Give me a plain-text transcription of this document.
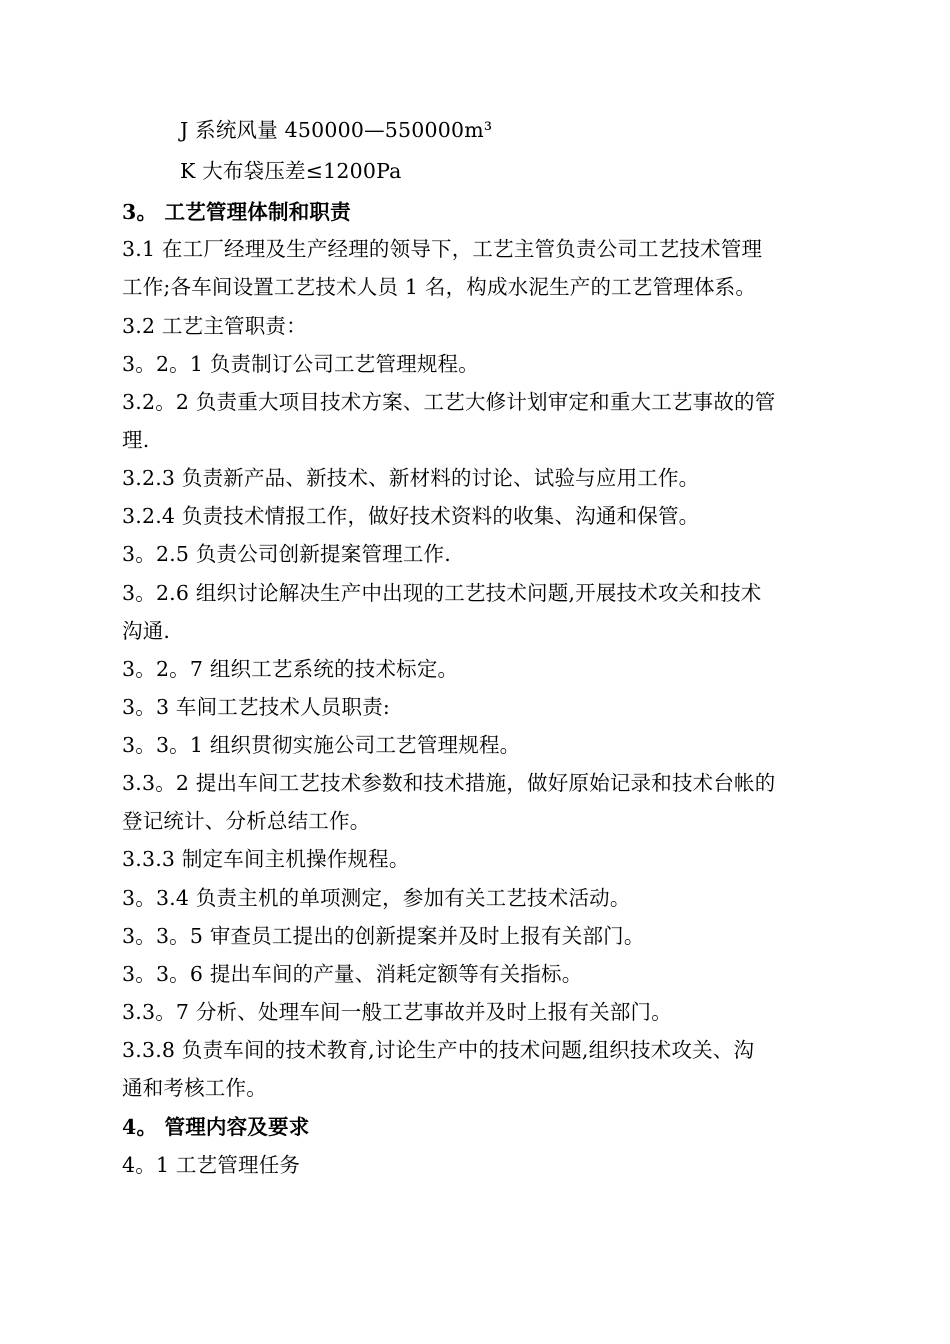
J 系统风量 450000—550000m³
K 大布袋压差≤1200Pa
3。 工艺管理体制和职责
3.1 在工厂经理及生产经理的领导下，工艺主管负责公司工艺技术管理
工作;各车间设置工艺技术人员 1 名，构成水泥生产的工艺管理体系。
3.2 工艺主管职责：
3。2。1 负责制订公司工艺管理规程。
3.2。2 负责重大项目技术方案、工艺大修计划审定和重大工艺事故的管
理.
3.2.3 负责新产品、新技术、新材料的讨论、试验与应用工作。
3.2.4 负责技术情报工作，做好技术资料的收集、沟通和保管。
3。2.5 负责公司创新提案管理工作.
3。2.6 组织讨论解决生产中出现的工艺技术问题,开展技术攻关和技术
沟通.
3。2。7 组织工艺系统的技术标定。
3。3 车间工艺技术人员职责:
3。3。1 组织贯彻实施公司工艺管理规程。
3.3。2 提出车间工艺技术参数和技术措施，做好原始记录和技术台帐的
登记统计、分析总结工作。
3.3.3 制定车间主机操作规程。
3。3.4 负责主机的单项测定，参加有关工艺技术活动。
3。3。5 审查员工提出的创新提案并及时上报有关部门。
3。3。6 提出车间的产量、消耗定额等有关指标。
3.3。7 分析、处理车间一般工艺事故并及时上报有关部门。
3.3.8 负责车间的技术教育,讨论生产中的技术问题,组织技术攻关、沟
通和考核工作。
4。 管理内容及要求
4。1 工艺管理任务
